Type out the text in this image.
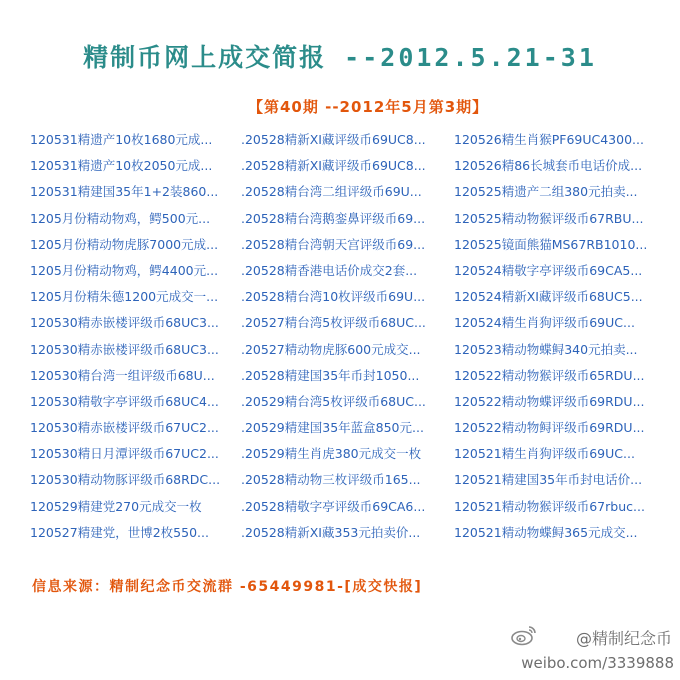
精制币网上成交简报 --2012.5.21-31
【第40期 --2012年5月第3期】
120531精遗产10枚1680元成...
120531精遗产10枚2050元成...
120531精建国35年1+2装860...
1205月份精动物鸡，鳄500元...
1205月份精动物虎豚7000元成...
1205月份精动物鸡，鳄4400元...
1205月份精朱德1200元成交一...
120530精赤嵌楼评级币68UC3...
120530精赤嵌楼评级币68UC3...
120530精台湾一组评级币68U...
120530精敬字亭评级币68UC4...
120530精赤嵌楼评级币67UC2...
120530精日月潭评级币67UC2...
120530精动物豚评级币68RDC...
120529精建党270元成交一枚
120527精建党，世博2枚550...
.20528精新XI藏评级币69UC8...
.20528精新XI藏评级币69UC8...
.20528精台湾二组评级币69U...
.20528精台湾鹅銮鼻评级币69...
.20528精台湾朝天宫评级币69...
.20528精香港电话价成交2套...
.20528精台湾10枚评级币69U...
.20527精台湾5枚评级币68UC...
.20527精动物虎豚600元成交...
.20528精建国35年币封1050...
.20529精台湾5枚评级币68UC...
.20529精建国35年蓝盒850元...
.20529精生肖虎380元成交一枚
.20528精动物三枚评级币165...
.20528精敬字亭评级币69CA6...
.20528精新XI藏353元拍卖价...
120526精生肖猴PF69UC4300...
120526精86长城套币电话价成...
120525精遗产二组380元拍卖...
120525精动物猴评级币67RBU...
120525镜面熊猫MS67RB1010...
120524精敬字亭评级币69CA5...
120524精新XI藏评级币68UC5...
120524精生肖狗评级币69UC...
120523精动物蝶鲟340元拍卖...
120522精动物猴评级币65RDU...
120522精动物蝶评级币69RDU...
120522精动物鲟评级币69RDU...
120521精生肖狗评级币69UC...
120521精建国35年币封电话价...
120521精动物猴评级币67rbuc...
120521精动物蝶鲟365元成交...
信息来源：精制纪念币交流群 -65449981-[成交快报]
@精制纪念币
weibo.com/3339888
